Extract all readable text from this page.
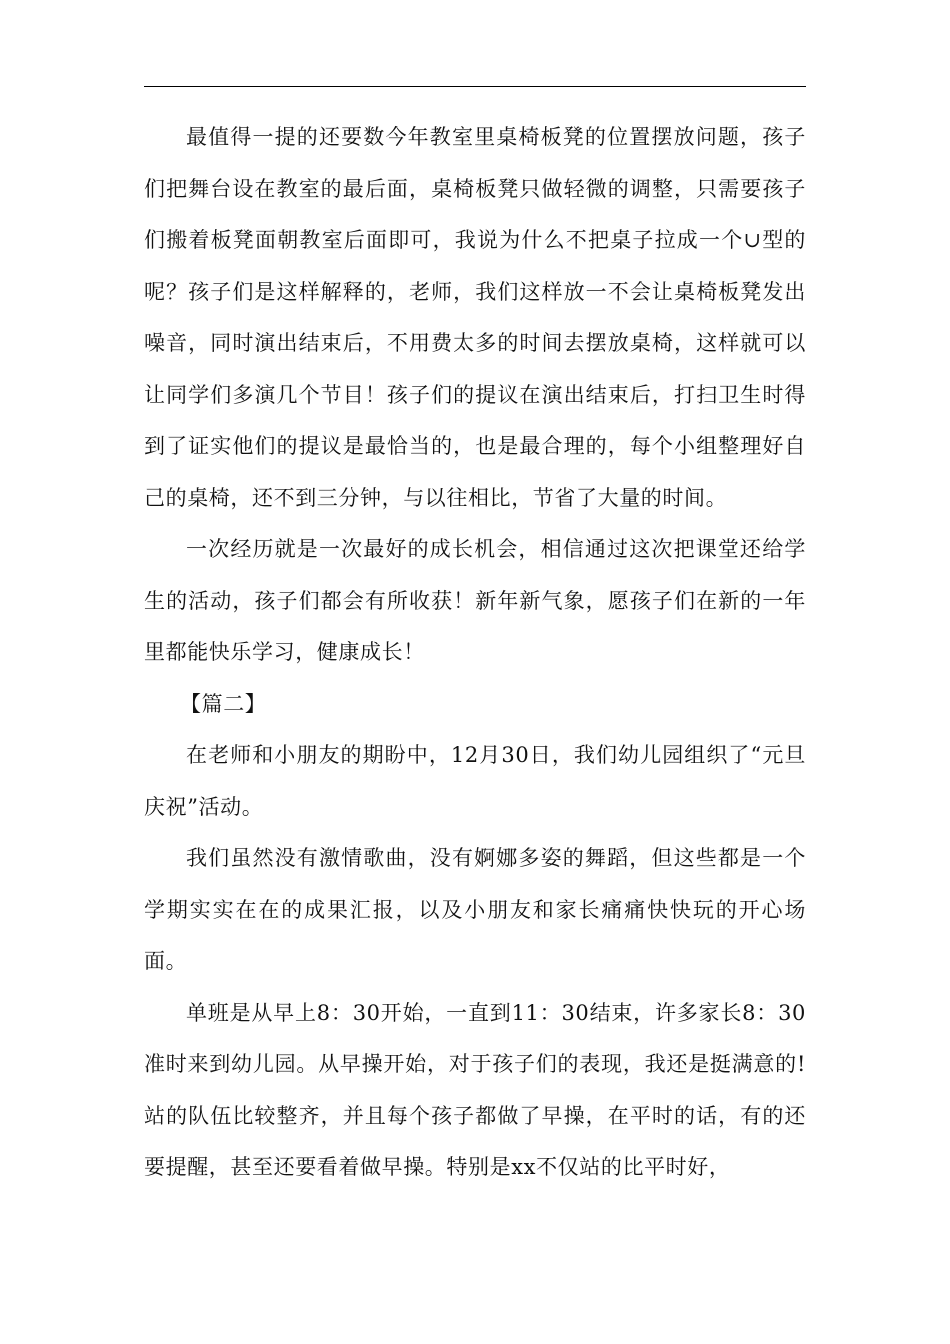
最值得一提的还要数今年教室里桌椅板凳的位置摆放问题，孩子们把舞台设在教室的最后面，桌椅板凳只做轻微的调整，只需要孩子们搬着板凳面朝教室后面即可，我说为什么不把桌子拉成一个∪型的呢？孩子们是这样解释的，老师，我们这样放一不会让桌椅板凳发出噪音，同时演出结束后，不用费太多的时间去摆放桌椅，这样就可以让同学们多演几个节目！孩子们的提议在演出结束后，打扫卫生时得到了证实他们的提议是最恰当的，也是最合理的，每个小组整理好自己的桌椅，还不到三分钟，与以往相比，节省了大量的时间。

一次经历就是一次最好的成长机会，相信通过这次把课堂还给学生的活动，孩子们都会有所收获！新年新气象，愿孩子们在新的一年里都能快乐学习，健康成长！

【篇二】

在老师和小朋友的期盼中，12月30日，我们幼儿园组织了“元旦庆祝”活动。

我们虽然没有激情歌曲，没有婀娜多姿的舞蹈，但这些都是一个学期实实在在的成果汇报，以及小朋友和家长痛痛快快玩的开心场面。

单班是从早上8：30开始，一直到11：30结束，许多家长8：30准时来到幼儿园。从早操开始，对于孩子们的表现，我还是挺满意的!站的队伍比较整齐，并且每个孩子都做了早操，在平时的话，有的还要提醒，甚至还要看着做早操。特别是xx不仅站的比平时好，
